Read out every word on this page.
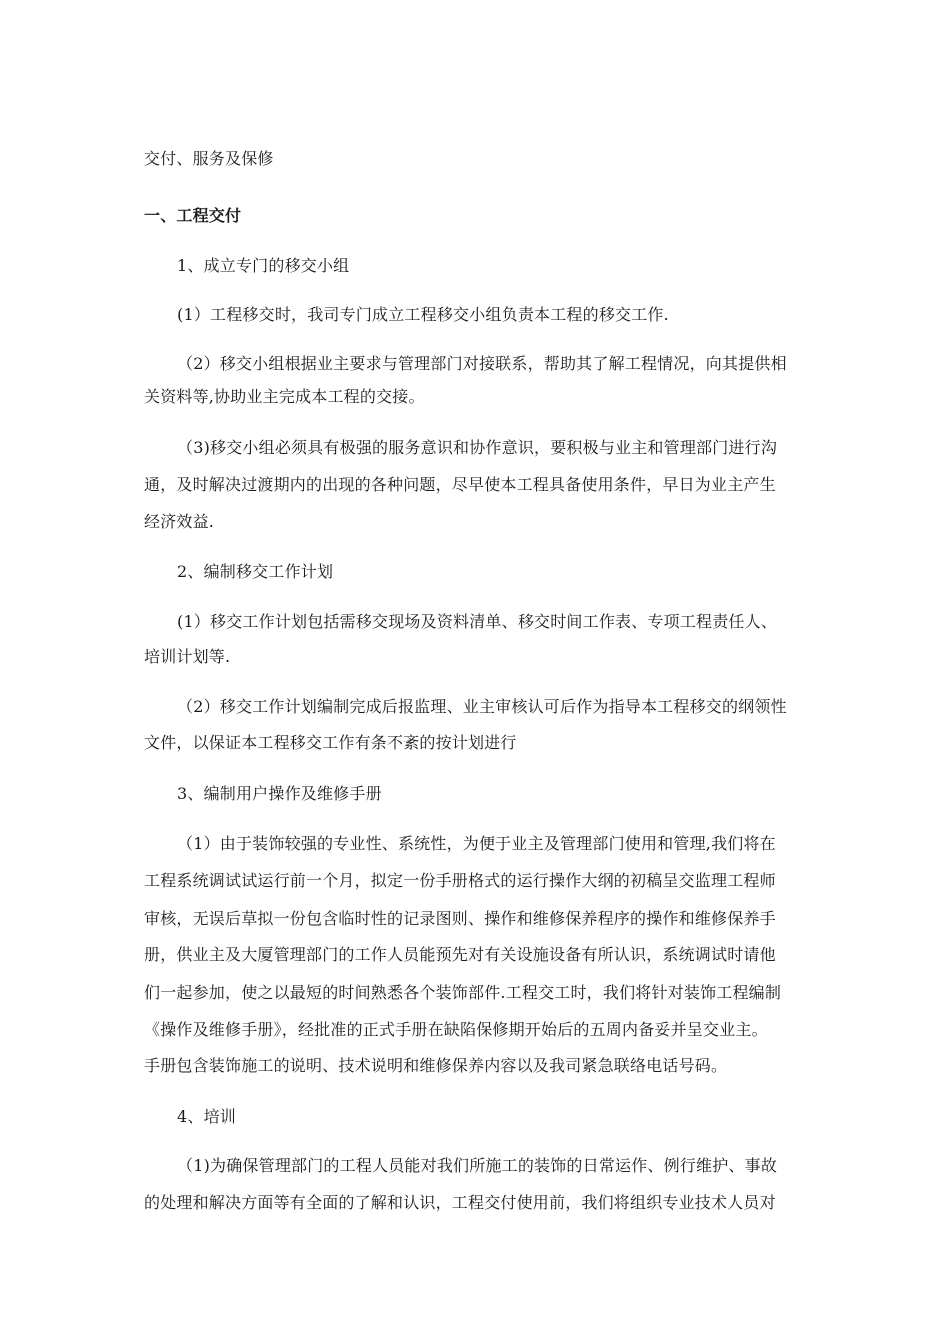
交付、服务及保修
一、工程交付
1、成立专门的移交小组
(1）工程移交时，我司专门成立工程移交小组负责本工程的移交工作.
（2）移交小组根据业主要求与管理部门对接联系，帮助其了解工程情况，向其提供相
关资料等,协助业主完成本工程的交接。
（3)移交小组必须具有极强的服务意识和协作意识，要积极与业主和管理部门进行沟
通，及时解决过渡期内的出现的各种问题，尽早使本工程具备使用条件，早日为业主产生
经济效益.
2、编制移交工作计划
(1）移交工作计划包括需移交现场及资料清单、移交时间工作表、专项工程责任人、
培训计划等.
（2）移交工作计划编制完成后报监理、业主审核认可后作为指导本工程移交的纲领性
文件，以保证本工程移交工作有条不紊的按计划进行
3、编制用户操作及维修手册
（1）由于装饰较强的专业性、系统性，为便于业主及管理部门使用和管理,我们将在
工程系统调试试运行前一个月，拟定一份手册格式的运行操作大纲的初稿呈交监理工程师
审核，无误后草拟一份包含临时性的记录图则、操作和维修保养程序的操作和维修保养手
册，供业主及大厦管理部门的工作人员能预先对有关设施设备有所认识，系统调试时请他
们一起参加，使之以最短的时间熟悉各个装饰部件.工程交工时，我们将针对装饰工程编制
《操作及维修手册》，经批准的正式手册在缺陷保修期开始后的五周内备妥并呈交业主。
手册包含装饰施工的说明、技术说明和维修保养内容以及我司紧急联络电话号码。
4、培训
（1)为确保管理部门的工程人员能对我们所施工的装饰的日常运作、例行维护、事故
的处理和解决方面等有全面的了解和认识，工程交付使用前，我们将组织专业技术人员对
